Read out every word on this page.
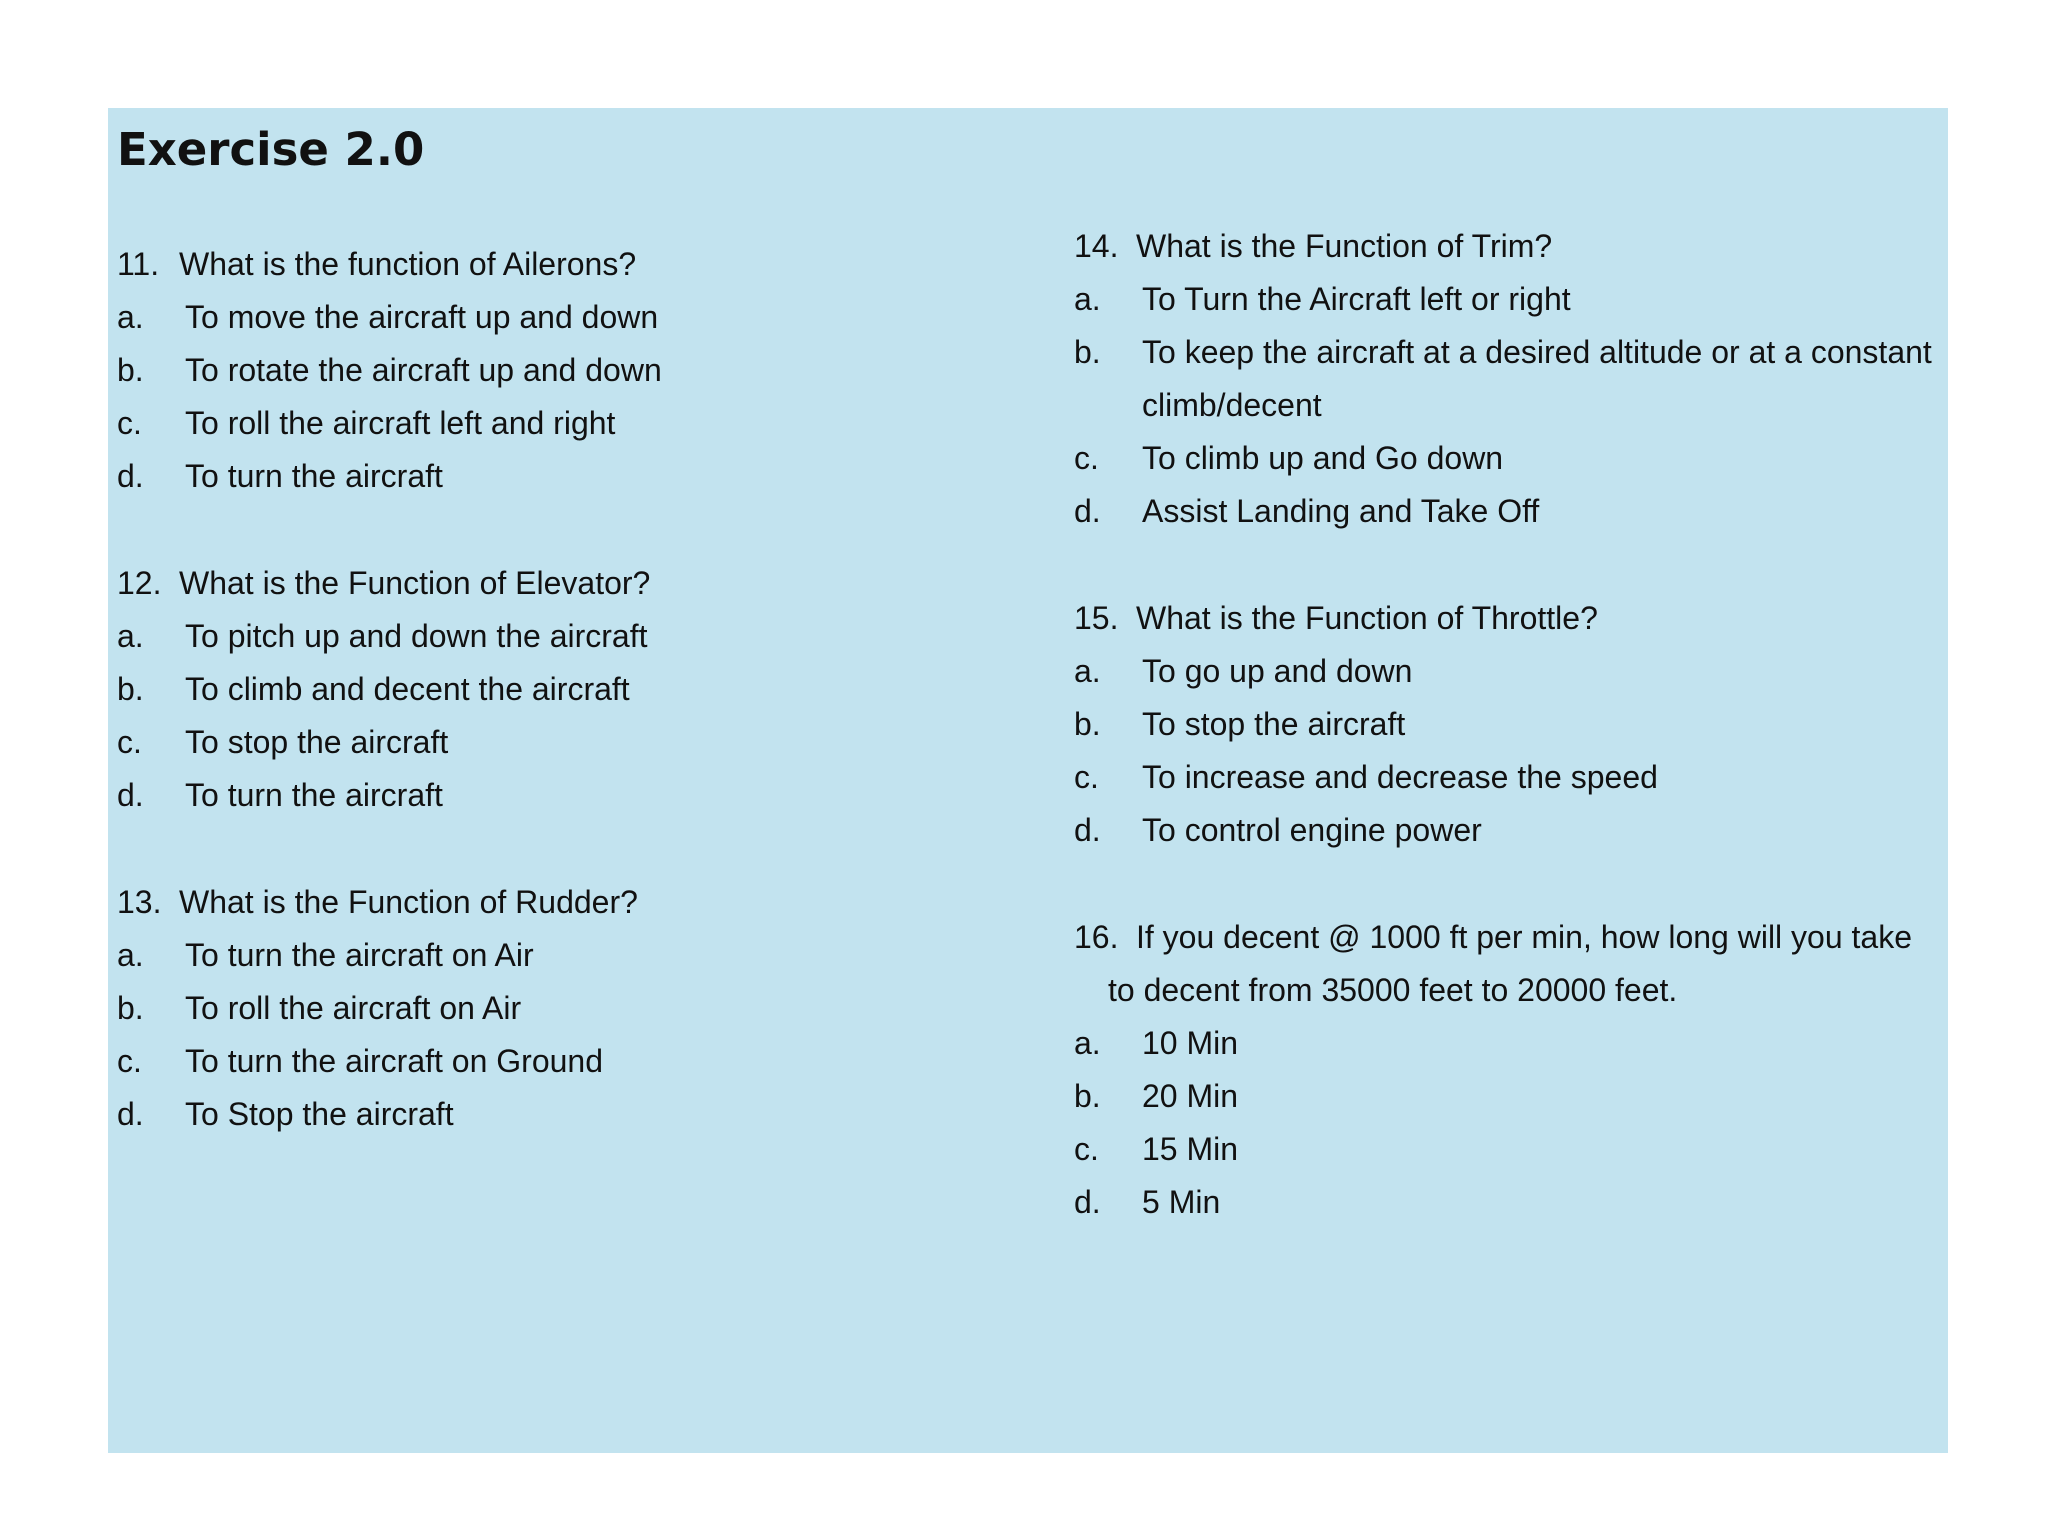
Exercise 2.0

11. What is the function of Ailerons?

a. To move the aircraft up and down
b. To rotate the aircraft up and down
c. To roll the aircraft left and right
d. To turn the aircraft

12. What is the Function of Elevator?

a. To pitch up and down the aircraft
b. To climb and decent the aircraft
c. To stop the aircraft
d. To turn the aircraft

13. What is the Function of Rudder?

a. To turn the aircraft on Air
b. To roll the aircraft on Air
c. To turn the aircraft on Ground
d. To Stop the aircraft

14. What is the Function of Trim?

a. To Turn the Aircraft left or right
b. To keep the aircraft at a desired altitude or at a constant climb/decent
c. To climb up and Go down
d. Assist Landing and Take Off

15. What is the Function of Throttle?

a. To go up and down
b. To stop the aircraft
c. To increase and decrease the speed
d. To control engine power

16. If you decent @ 1000 ft per min, how long will you take to decent from 35000 feet to 20000 feet.

a. 10 Min
b. 20 Min
c. 15 Min
d. 5 Min
